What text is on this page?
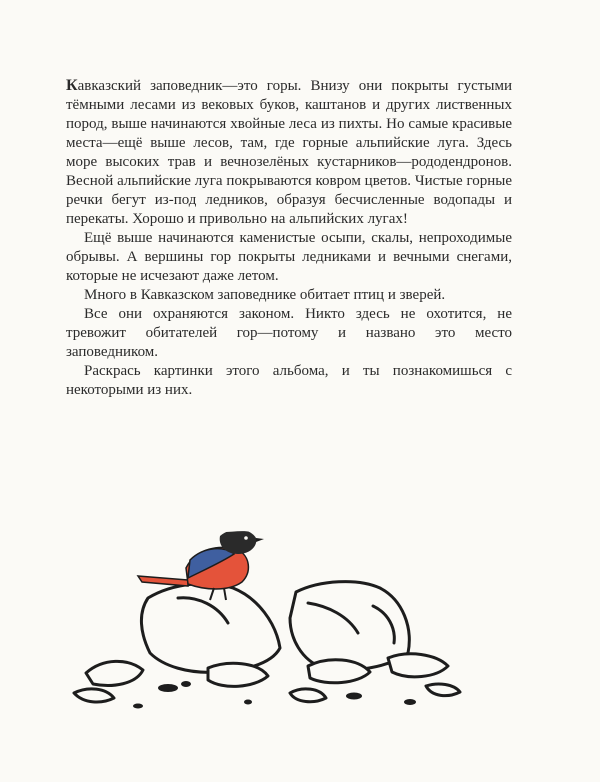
Кавказский заповедник—это горы. Внизу они покрыты густыми тёмными лесами из вековых буков, каштанов и других лиственных пород, выше начинаются хвойные леса из пихты. Но самые красивые места—ещё выше лесов, там, где горные альпийские луга. Здесь море высоких трав и вечнозелёных кустарников—рододендронов. Весной альпийские луга покрываются ковром цветов. Чистые горные речки бегут из-под ледников, образуя бесчисленные водопады и перекаты. Хорошо и привольно на альпийских лугах!

Ещё выше начинаются каменистые осыпи, скалы, непроходимые обрывы. А вершины гор покрыты ледниками и вечными снегами, которые не исчезают даже летом.

Много в Кавказском заповеднике обитает птиц и зверей.

Все они охраняются законом. Никто здесь не охотится, не тревожит обитателей гор—потому и названо это место заповедником.

Раскрась картинки этого альбома, и ты познакомишься с некоторыми из них.
